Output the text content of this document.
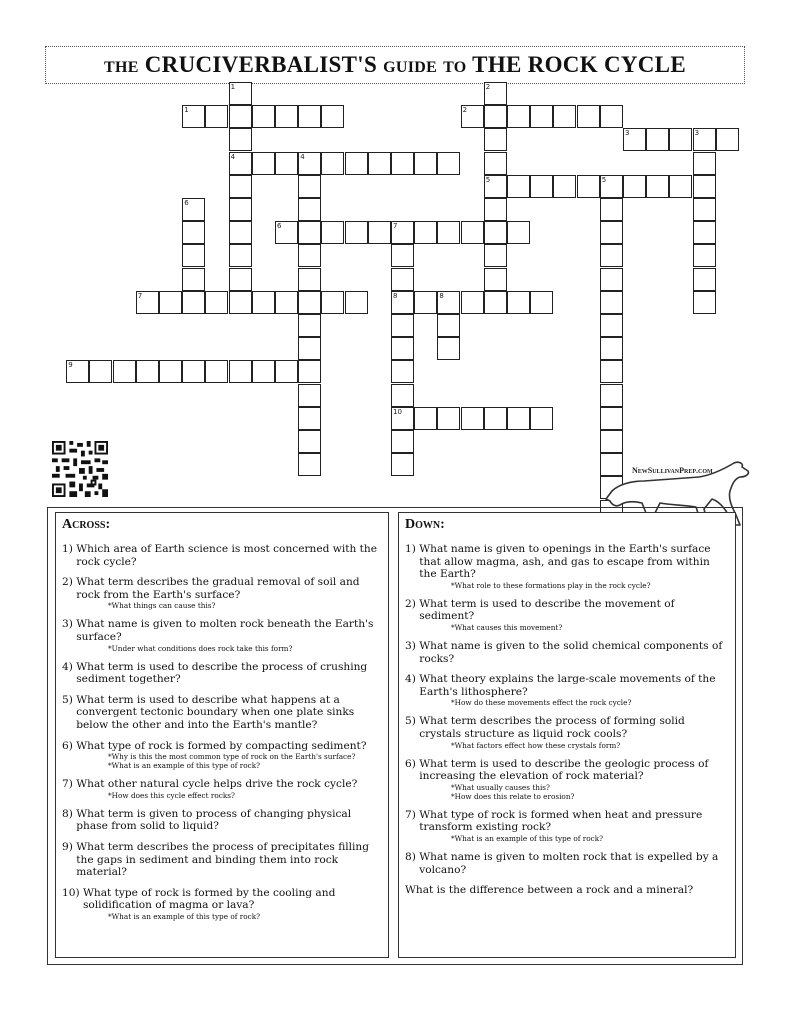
the CRUCIVERBALIST'S guide to THE ROCK CYCLE
1	2
3	3
4	4
5	5
6	7
7	8	8
9
10
1	2
6
NewSullivanPrep.com
Across:
1) Which area of Earth science is most concerned with the rock cycle?
2) What term describes the gradual removal of soil and rock from the Earth's surface?
*What things can cause this?
3) What name is given to molten rock beneath the Earth's surface?
*Under what conditions does rock take this form?
4) What term is used to describe the process of crushing sediment together?
5) What term is used to describe what happens at a convergent tectonic boundary when one plate sinks below the other and into the Earth's mantle?
6) What type of rock is formed by compacting sediment?
*Why is this the most common type of rock on the Earth's surface?
*What is an example of this type of rock?
7) What other natural cycle helps drive the rock cycle?
*How does this cycle effect rocks?
8) What term is given to process of changing physical phase from solid to liquid?
9) What term describes the process of precipitates filling the gaps in sediment and binding them into rock material?
10) What type of rock is formed by the cooling and solidification of magma or lava?
*What is an example of this type of rock?
Down:
1) What name is given to openings in the Earth's surface that allow magma, ash, and gas to escape from within the Earth?
*What role to these formations play in the rock cycle?
2) What term is used to describe the movement of sediment?
*What causes this movement?
3) What name is given to the solid chemical components of rocks?
4) What theory explains the large-scale movements of the Earth's lithosphere?
*How do these movements effect the rock cycle?
5) What term describes the process of forming solid crystals structure as liquid rock cools?
*What factors effect how these crystals form?
6) What term is used to describe the geologic process of increasing the elevation of rock material?
*What usually causes this?
*How does this relate to erosion?
7) What type of rock is formed when heat and pressure transform existing rock?
*What is an example of this type of rock?
8) What name is given to molten rock that is expelled by a volcano?
What is the difference between a rock and a mineral?
